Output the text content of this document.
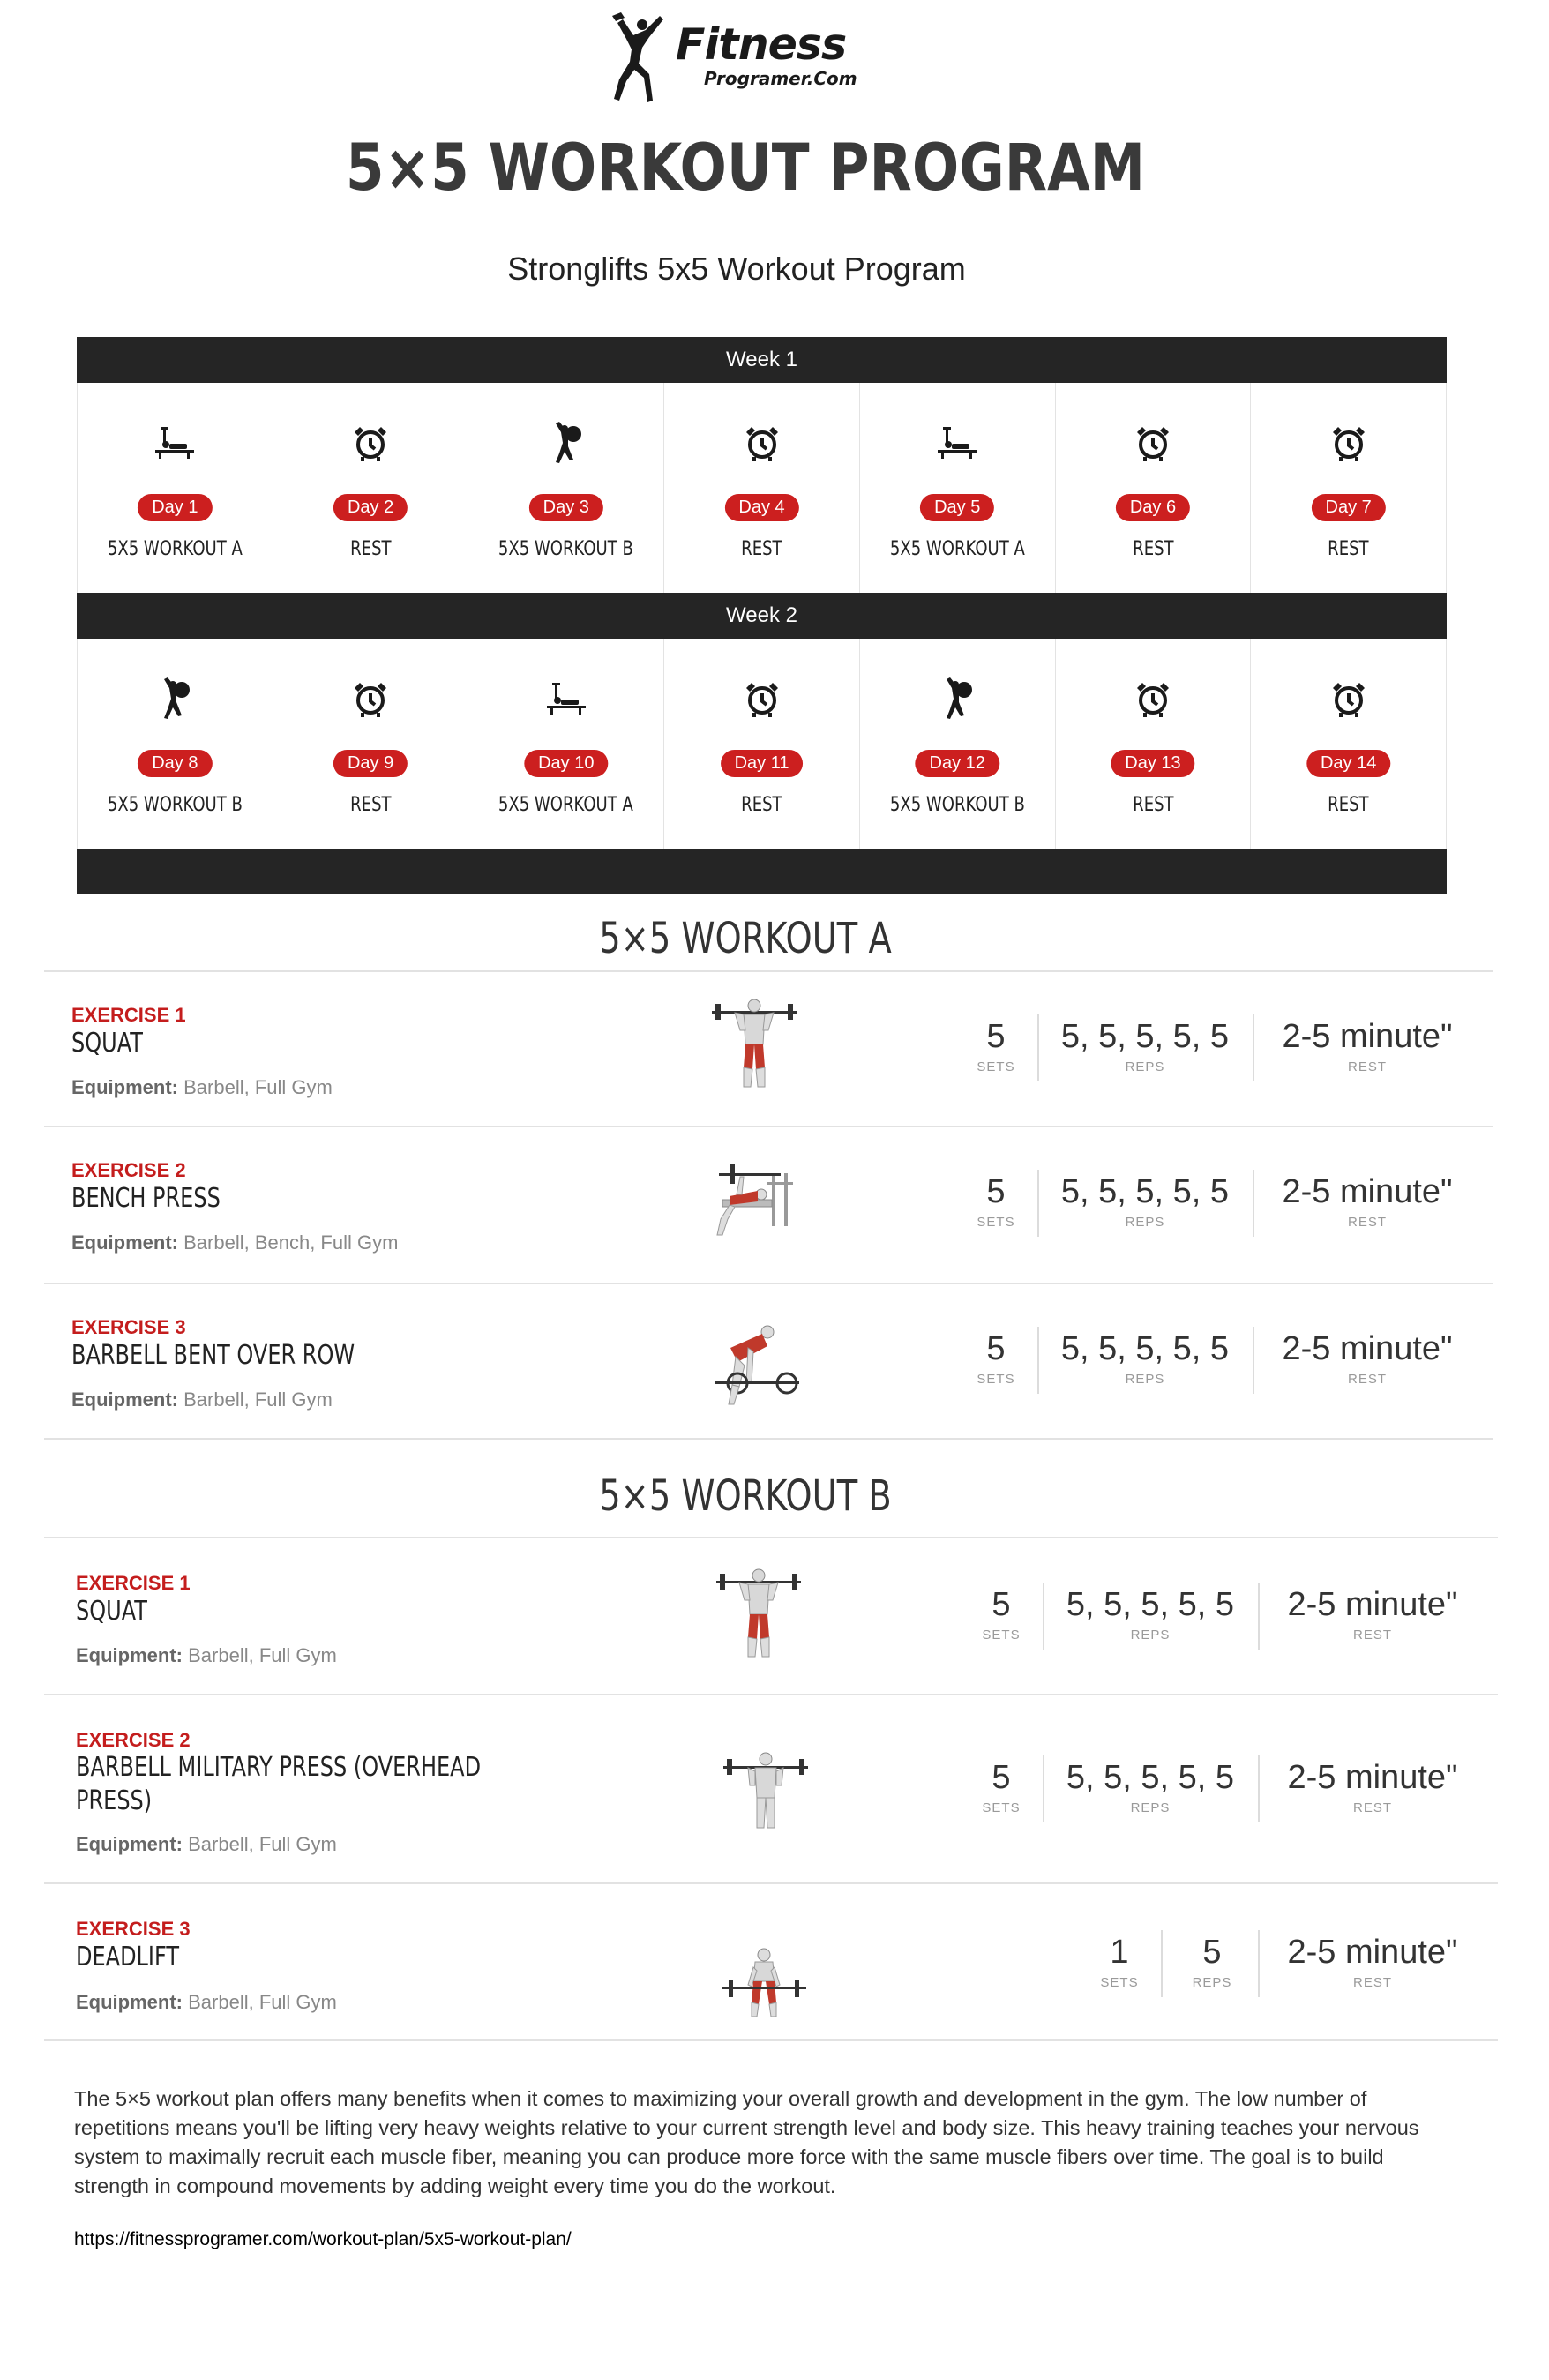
Fitness
Programer.Com
5×5 WORKOUT PROGRAM
Stronglifts 5x5 Workout Program
Week 1
Day 1
5X5 WORKOUT A
Day 2
REST
Day 3
5X5 WORKOUT B
Day 4
REST
Day 5
5X5 WORKOUT A
Day 6
REST
Day 7
REST
Week 2
Day 8
5X5 WORKOUT B
Day 9
REST
Day 10
5X5 WORKOUT A
Day 11
REST
Day 12
5X5 WORKOUT B
Day 13
REST
Day 14
REST
5×5 WORKOUT A
EXERCISE 1
SQUAT
Equipment: Barbell, Full Gym
5
SETS
5, 5, 5, 5, 5
REPS
2-5 minute"
REST
EXERCISE 2
BENCH PRESS
Equipment: Barbell, Bench, Full Gym
5
SETS
5, 5, 5, 5, 5
REPS
2-5 minute"
REST
EXERCISE 3
BARBELL BENT OVER ROW
Equipment: Barbell, Full Gym
5
SETS
5, 5, 5, 5, 5
REPS
2-5 minute"
REST
5×5 WORKOUT B
EXERCISE 1
SQUAT
Equipment: Barbell, Full Gym
5
SETS
5, 5, 5, 5, 5
REPS
2-5 minute"
REST
EXERCISE 2
BARBELL MILITARY PRESS (OVERHEAD
PRESS)
Equipment: Barbell, Full Gym
5
SETS
5, 5, 5, 5, 5
REPS
2-5 minute"
REST
EXERCISE 3
DEADLIFT
Equipment: Barbell, Full Gym
1
SETS
5
REPS
2-5 minute"
REST
The 5×5 workout plan offers many benefits when it comes to maximizing your overall growth and development in the gym. The low number of repetitions means you'll be lifting very heavy weights relative to your current strength level and body size. This heavy training teaches your nervous system to maximally recruit each muscle fiber, meaning you can produce more force with the same muscle fibers over time. The goal is to build strength in compound movements by adding weight every time you do the workout.
https://fitnessprogramer.com/workout-plan/5x5-workout-plan/
